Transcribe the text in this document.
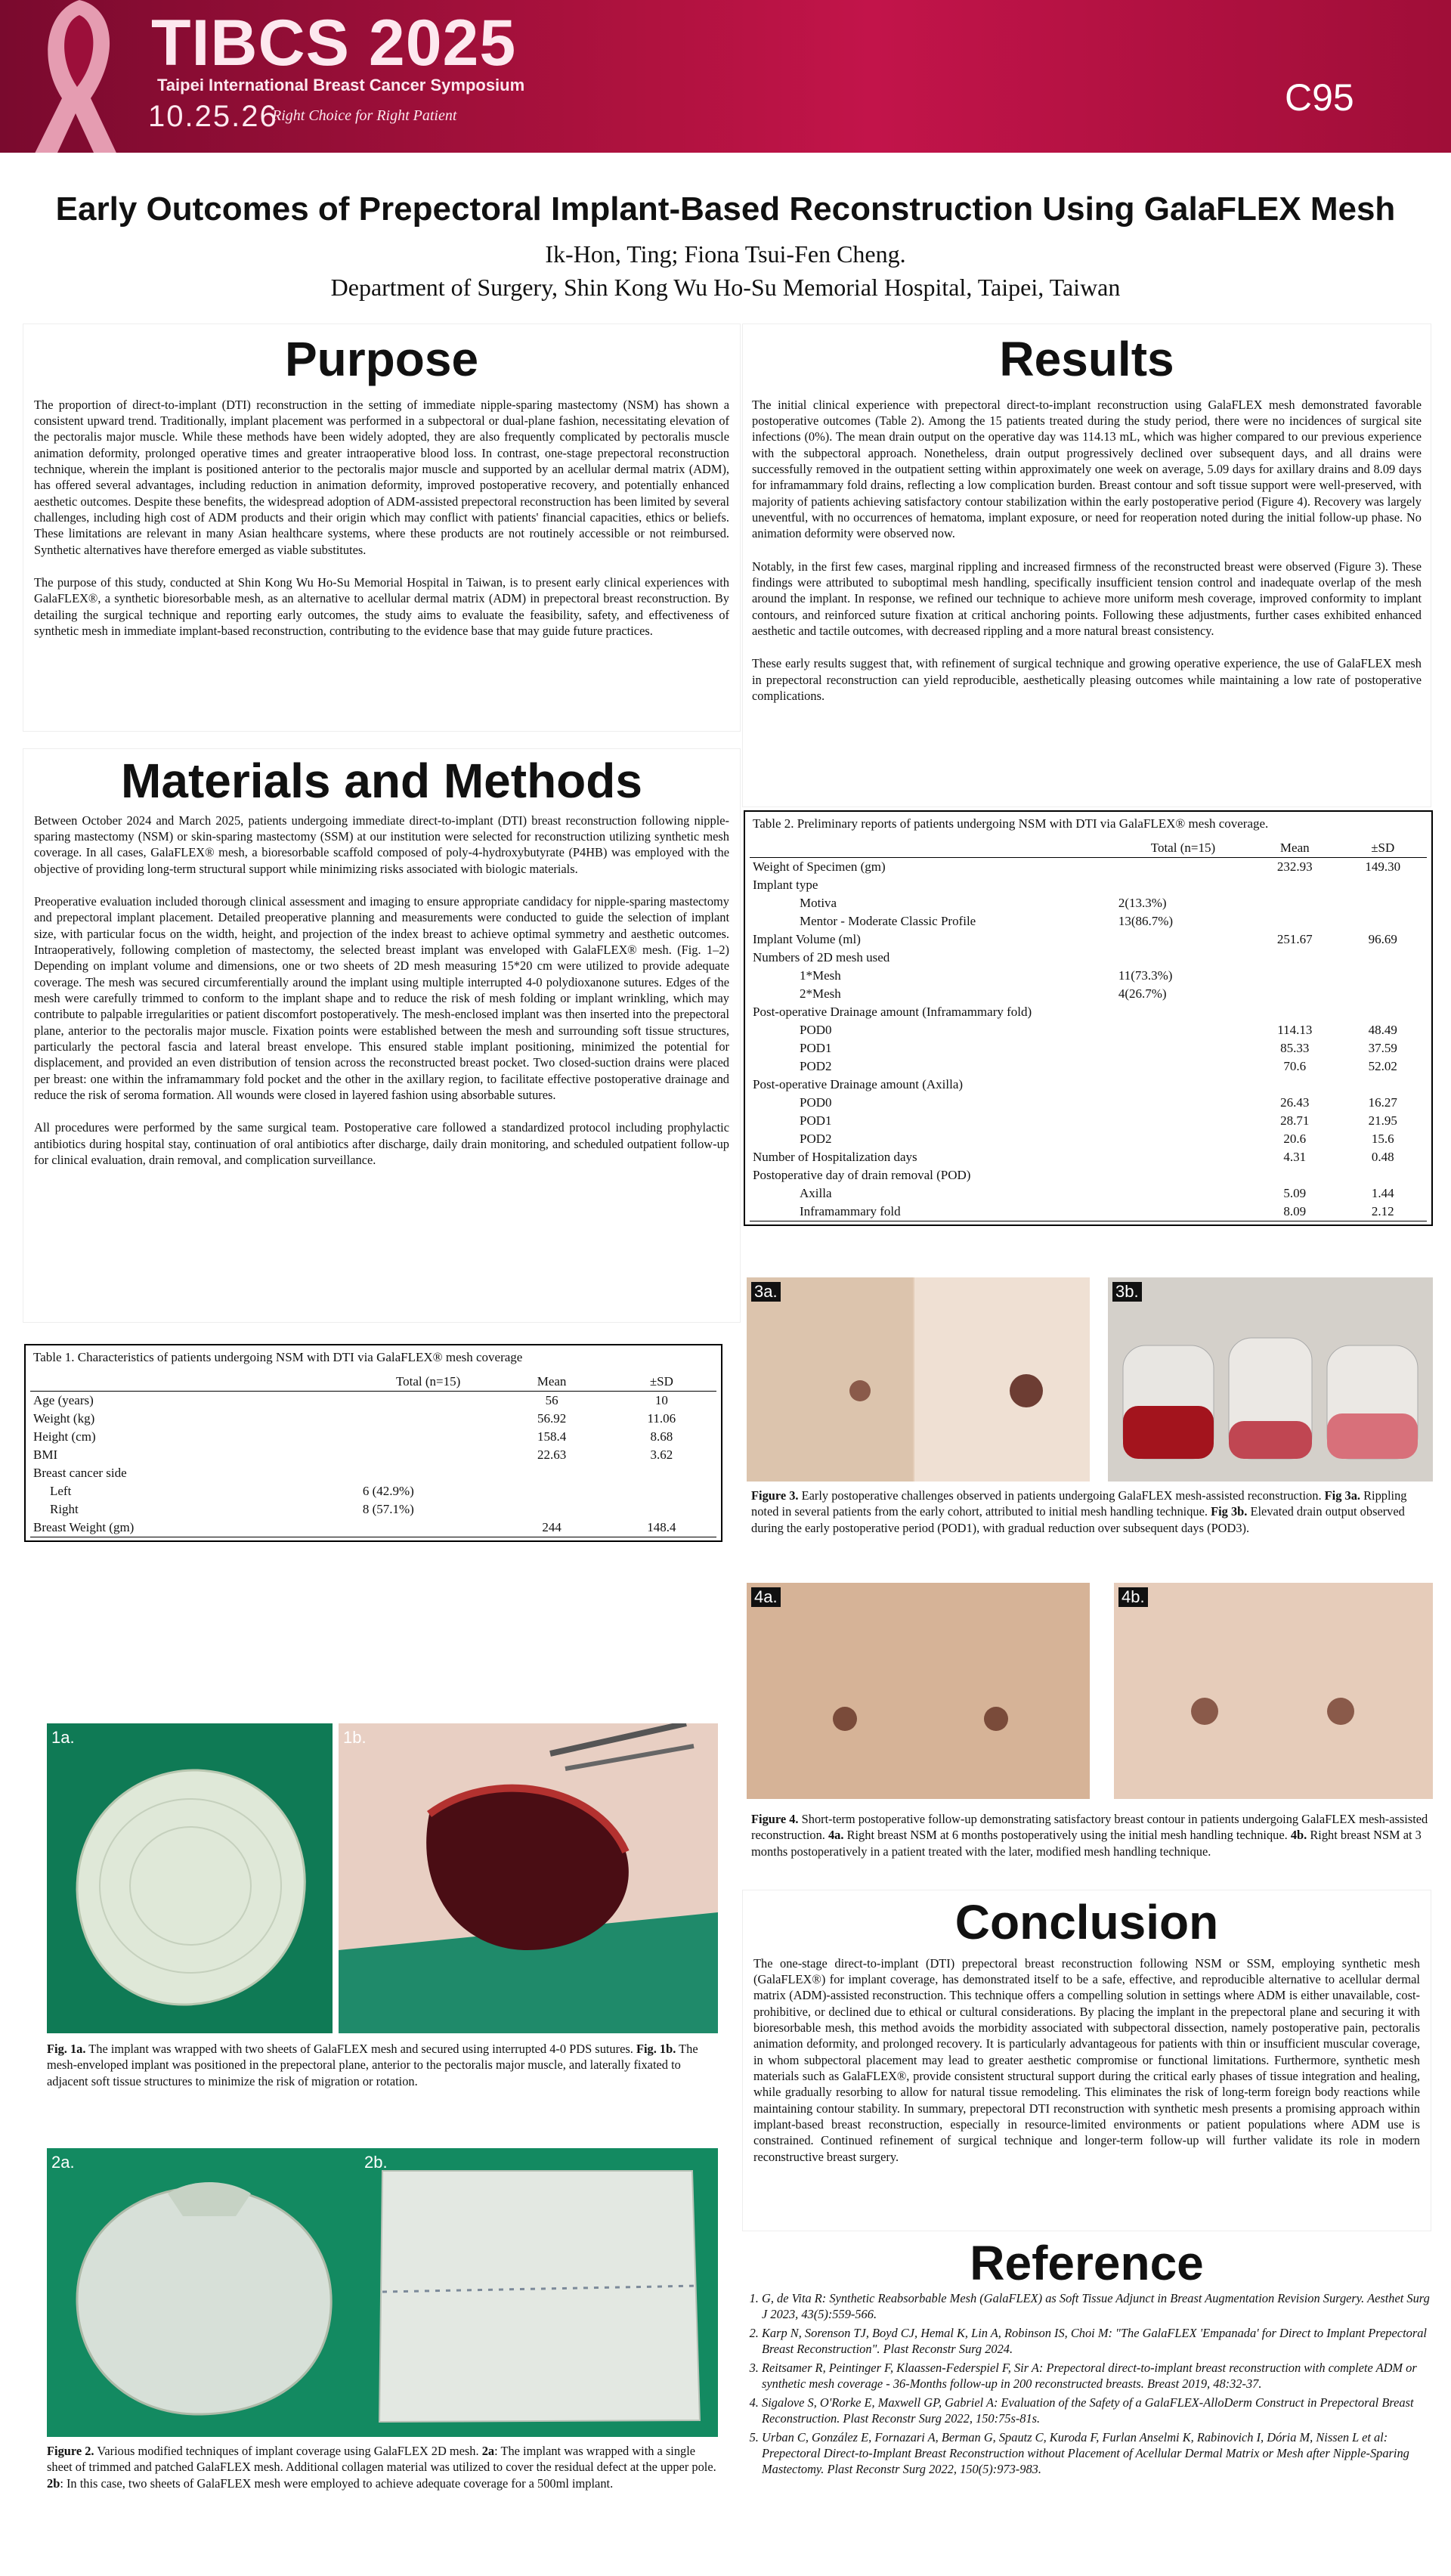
TIBCS 2025
Taipei International Breast Cancer Symposium
10.25.26
Right Choice for Right Patient	C95
Early Outcomes of Prepectoral Implant-Based Reconstruction Using GalaFLEX Mesh
Ik-Hon, Ting; Fiona Tsui-Fen Cheng.
Department of Surgery, Shin Kong Wu Ho-Su Memorial Hospital, Taipei, Taiwan
Purpose
The proportion of direct-to-implant (DTI) reconstruction in the setting of immediate nipple-sparing mastectomy (NSM) has shown a consistent upward trend. Traditionally, implant placement was performed in a subpectoral or dual-plane fashion, necessitating elevation of the pectoralis major muscle. While these methods have been widely adopted, they are also frequently complicated by pectoralis muscle animation deformity, prolonged operative times and greater intraoperative blood loss. In contrast, one-stage prepectoral reconstruction technique, wherein the implant is positioned anterior to the pectoralis major muscle and supported by an acellular dermal matrix (ADM), has offered several advantages, including reduction in animation deformity, improved postoperative recovery, and potentially enhanced aesthetic outcomes. Despite these benefits, the widespread adoption of ADM-assisted prepectoral reconstruction has been limited by several challenges, including high cost of ADM products and their origin which may conflict with patients' financial capacities, ethics or beliefs. These limitations are relevant in many Asian healthcare systems, where these products are not routinely accessible or not reimbursed. Synthetic alternatives have therefore emerged as viable substitutes.
The purpose of this study, conducted at Shin Kong Wu Ho-Su Memorial Hospital in Taiwan, is to present early clinical experiences with GalaFLEX®, a synthetic bioresorbable mesh, as an alternative to acellular dermal matrix (ADM) in prepectoral breast reconstruction. By detailing the surgical technique and reporting early outcomes, the study aims to evaluate the feasibility, safety, and effectiveness of synthetic mesh in immediate implant-based reconstruction, contributing to the evidence base that may guide future practices.
Materials and Methods
Between October 2024 and March 2025, patients undergoing immediate direct-to-implant (DTI) breast reconstruction following nipple-sparing mastectomy (NSM) or skin-sparing mastectomy (SSM) at our institution were selected for reconstruction utilizing synthetic mesh coverage. In all cases, GalaFLEX® mesh, a bioresorbable scaffold composed of poly-4-hydroxybutyrate (P4HB) was employed with the objective of providing long-term structural support while minimizing risks associated with biologic materials.
Preoperative evaluation included thorough clinical assessment and imaging to ensure appropriate candidacy for nipple-sparing mastectomy and prepectoral implant placement. Detailed preoperative planning and measurements were conducted to guide the selection of implant size, with particular focus on the width, height, and projection of the index breast to achieve optimal symmetry and aesthetic outcomes. Intraoperatively, following completion of mastectomy, the selected breast implant was enveloped with GalaFLEX® mesh. (Fig. 1–2) Depending on implant volume and dimensions, one or two sheets of 2D mesh measuring 15*20 cm were utilized to provide adequate coverage. The mesh was secured circumferentially around the implant using multiple interrupted 4-0 polydioxanone sutures. Edges of the mesh were carefully trimmed to conform to the implant shape and to reduce the risk of mesh folding or implant wrinkling, which may contribute to palpable irregularities or patient discomfort postoperatively. The mesh-enclosed implant was then inserted into the prepectoral plane, anterior to the pectoralis major muscle. Fixation points were established between the mesh and surrounding soft tissue structures, particularly the pectoral fascia and lateral breast envelope. This ensured stable implant positioning, minimized the potential for displacement, and provided an even distribution of tension across the reconstructed breast pocket. Two closed-suction drains were placed per breast: one within the inframammary fold pocket and the other in the axillary region, to facilitate effective postoperative drainage and reduce the risk of seroma formation. All wounds were closed in layered fashion using absorbable sutures.
All procedures were performed by the same surgical team. Postoperative care followed a standardized protocol including prophylactic antibiotics during hospital stay, continuation of oral antibiotics after discharge, daily drain monitoring, and scheduled outpatient follow-up for clinical evaluation, drain removal, and complication surveillance.
Table 1. Characteristics of patients undergoing NSM with DTI via GalaFLEX® mesh coverage			
	Total (n=15)	Mean	±SD
Age (years)		56	10
Weight (kg)		56.92	11.06
Height (cm)		158.4	8.68
BMI		22.63	3.62
Breast cancer side			
Left	6 (42.9%)		
Right	8 (57.1%)		
Breast Weight (gm)		244	148.4
1a.	1b.
Fig. 1a. The implant was wrapped with two sheets of GalaFLEX mesh and secured using interrupted 4-0 PDS sutures. Fig. 1b. The mesh-enveloped implant was positioned in the prepectoral plane, anterior to the pectoralis major muscle, and laterally fixated to adjacent soft tissue structures to minimize the risk of migration or rotation.
2a.	2b.
Figure 2. Various modified techniques of implant coverage using GalaFLEX 2D mesh. 2a: The implant was wrapped with a single sheet of trimmed and patched GalaFLEX mesh. Additional collagen material was utilized to cover the residual defect at the upper pole. 2b: In this case, two sheets of GalaFLEX mesh were employed to achieve adequate coverage for a 500ml implant.
Results
The initial clinical experience with prepectoral direct-to-implant reconstruction using GalaFLEX mesh demonstrated favorable postoperative outcomes (Table 2). Among the 15 patients treated during the study period, there were no incidences of surgical site infections (0%). The mean drain output on the operative day was 114.13 mL, which was higher compared to our previous experience with the subpectoral approach. Nonetheless, drain output progressively declined over subsequent days, and all drains were successfully removed in the outpatient setting within approximately one week on average, 5.09 days for axillary drains and 8.09 days for inframammary fold drains, reflecting a low complication burden. Breast contour and soft tissue support were well-preserved, with majority of patients achieving satisfactory contour stabilization within the early postoperative period (Figure 4). Recovery was largely uneventful, with no occurrences of hematoma, implant exposure, or need for reoperation noted during the initial follow-up phase. No animation deformity were observed now.
Notably, in the first few cases, marginal rippling and increased firmness of the reconstructed breast were observed (Figure 3). These findings were attributed to suboptimal mesh handling, specifically insufficient tension control and inadequate overlap of the mesh around the implant. In response, we refined our technique to achieve more uniform mesh coverage, improved conformity to implant contours, and reinforced suture fixation at critical anchoring points. Following these adjustments, further cases exhibited enhanced aesthetic and tactile outcomes, with decreased rippling and a more natural breast consistency.
These early results suggest that, with refinement of surgical technique and growing operative experience, the use of GalaFLEX mesh in prepectoral reconstruction can yield reproducible, aesthetically pleasing outcomes while maintaining a low rate of postoperative complications.
Table 2. Preliminary reports of patients undergoing NSM with DTI via GalaFLEX® mesh coverage.			
	Total (n=15)	Mean	±SD
Weight of Specimen (gm)		232.93	149.30
Implant type			
Motiva	2(13.3%)		
Mentor - Moderate Classic Profile	13(86.7%)		
Implant Volume (ml)		251.67	96.69
Numbers of 2D mesh used			
1*Mesh	11(73.3%)		
2*Mesh	4(26.7%)		
Post-operative Drainage amount (Inframammary fold)			
POD0		114.13	48.49
POD1		85.33	37.59
POD2		70.6	52.02
Post-operative Drainage amount (Axilla)			
POD0		26.43	16.27
POD1		28.71	21.95
POD2		20.6	15.6
Number of Hospitalization days		4.31	0.48
Postoperative day of drain removal (POD)			
Axilla		5.09	1.44
Inframammary fold		8.09	2.12
3a.	3b.
Figure 3. Early postoperative challenges observed in patients undergoing GalaFLEX mesh-assisted reconstruction. Fig 3a. Rippling noted in several patients from the early cohort, attributed to initial mesh handling technique. Fig 3b. Elevated drain output observed during the early postoperative period (POD1), with gradual reduction over subsequent days (POD3).
4a.	4b.
Figure 4. Short-term postoperative follow-up demonstrating satisfactory breast contour in patients undergoing GalaFLEX mesh-assisted reconstruction. 4a. Right breast NSM at 6 months postoperatively using the initial mesh handling technique. 4b. Right breast NSM at 3 months postoperatively in a patient treated with the later, modified mesh handling technique.
Conclusion
The one-stage direct-to-implant (DTI) prepectoral breast reconstruction following NSM or SSM, employing synthetic mesh (GalaFLEX®) for implant coverage, has demonstrated itself to be a safe, effective, and reproducible alternative to acellular dermal matrix (ADM)-assisted reconstruction. This technique offers a compelling solution in settings where ADM is either unavailable, cost-prohibitive, or declined due to ethical or cultural considerations. By placing the implant in the prepectoral plane and securing it with bioresorbable mesh, this method avoids the morbidity associated with subpectoral dissection, namely postoperative pain, pectoralis animation deformity, and prolonged recovery. It is particularly advantageous for patients with thin or insufficient muscular coverage, in whom subpectoral placement may lead to greater aesthetic compromise or functional limitations. Furthermore, synthetic mesh materials such as GalaFLEX®, provide consistent structural support during the critical early phases of tissue integration and healing, while gradually resorbing to allow for natural tissue remodeling. This eliminates the risk of long-term foreign body reactions while maintaining contour stability. In summary, prepectoral DTI reconstruction with synthetic mesh presents a promising approach within implant-based breast reconstruction, especially in resource-limited environments or patient populations where ADM use is constrained. Continued refinement of surgical technique and longer-term follow-up will further validate its role in modern reconstructive breast surgery.
Reference
1. G, de Vita R: Synthetic Reabsorbable Mesh (GalaFLEX) as Soft Tissue Adjunct in Breast Augmentation Revision Surgery. Aesthet Surg J 2023, 43(5):559-566.
2. Karp N, Sorenson TJ, Boyd CJ, Hemal K, Lin A, Robinson IS, Choi M: "The GalaFLEX 'Empanada' for Direct to Implant Prepectoral Breast Reconstruction". Plast Reconstr Surg 2024.
3. Reitsamer R, Peintinger F, Klaassen-Federspiel F, Sir A: Prepectoral direct-to-implant breast reconstruction with complete ADM or synthetic mesh coverage - 36-Months follow-up in 200 reconstructed breasts. Breast 2019, 48:32-37.
4. Sigalove S, O'Rorke E, Maxwell GP, Gabriel A: Evaluation of the Safety of a GalaFLEX-AlloDerm Construct in Prepectoral Breast Reconstruction. Plast Reconstr Surg 2022, 150:75s-81s.
5. Urban C, González E, Fornazari A, Berman G, Spautz C, Kuroda F, Furlan Anselmi K, Rabinovich I, Dória M, Nissen L et al: Prepectoral Direct-to-Implant Breast Reconstruction without Placement of Acellular Dermal Matrix or Mesh after Nipple-Sparing Mastectomy. Plast Reconstr Surg 2022, 150(5):973-983.
